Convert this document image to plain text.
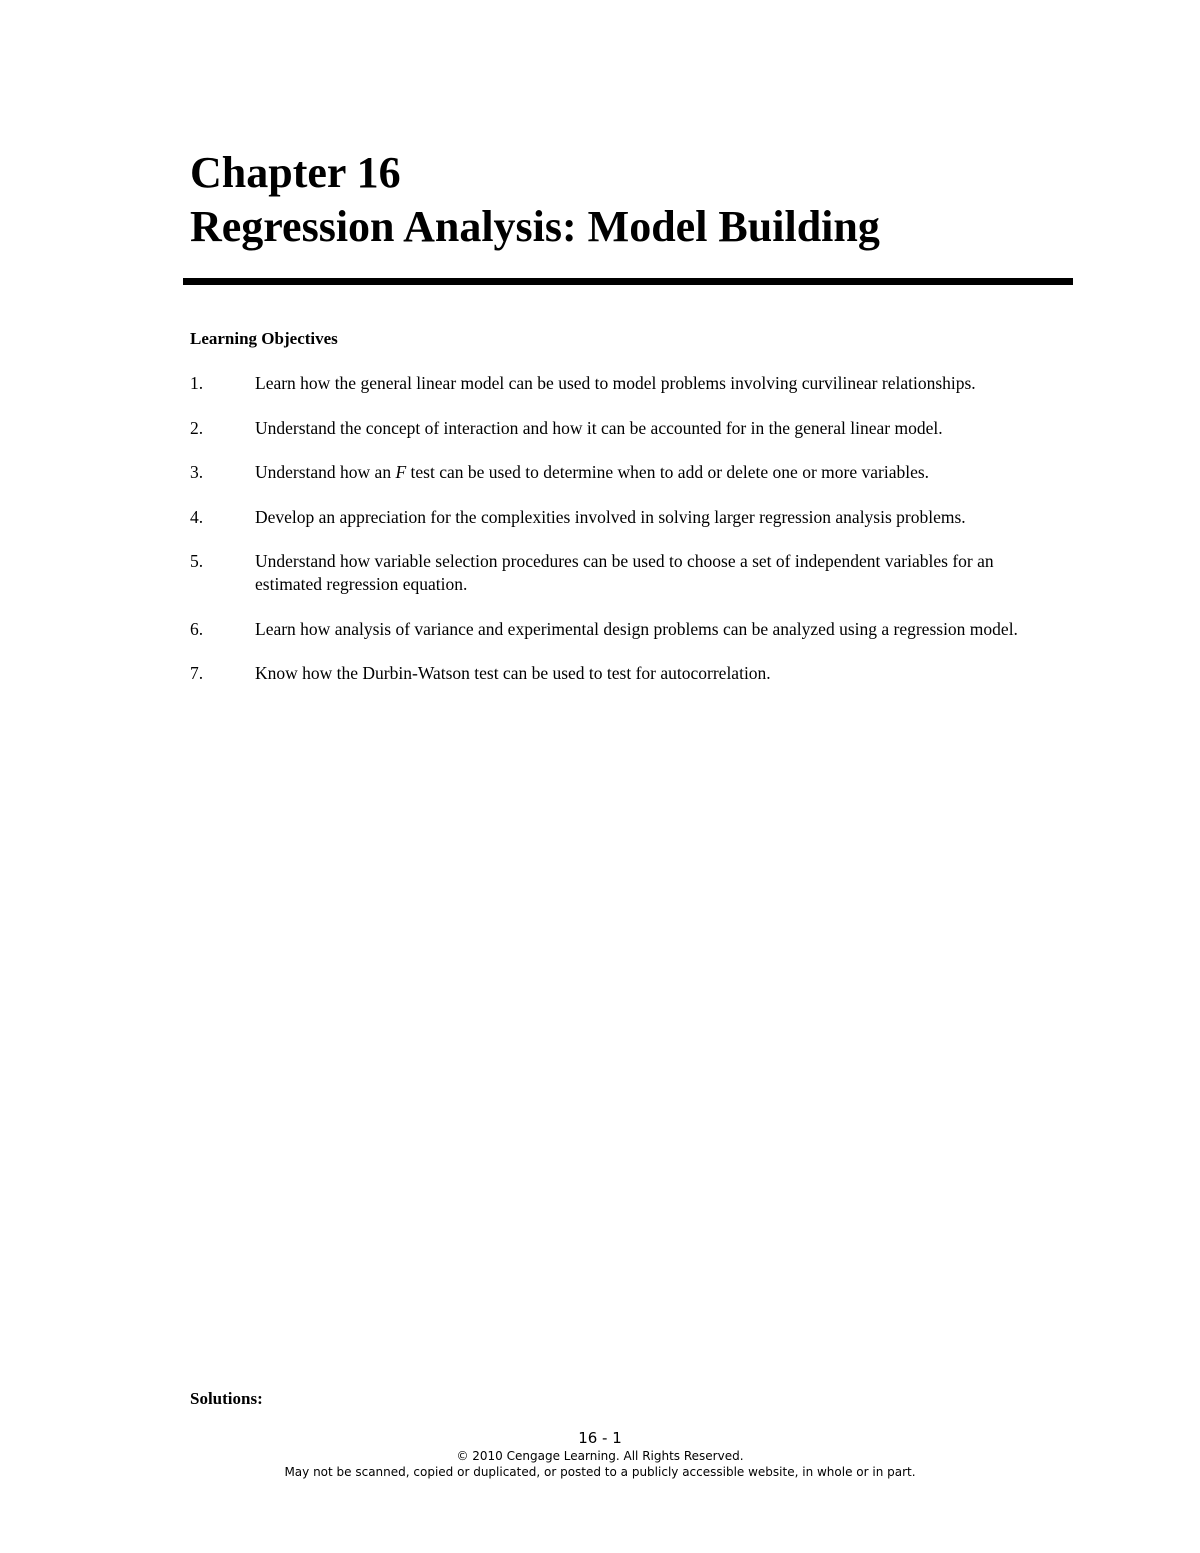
Chapter 16
Regression Analysis: Model Building
Learning Objectives
1.	Learn how the general linear model can be used to model problems involving curvilinear relationships.
2.	Understand the concept of interaction and how it can be accounted for in the general linear model.
3.	Understand how an F test can be used to determine when to add or delete one or more variables.
4.	Develop an appreciation for the complexities involved in solving larger regression analysis problems.
5.	Understand how variable selection procedures can be used to choose a set of independent variables for an estimated regression equation.
6.	Learn how analysis of variance and experimental design problems can be analyzed using a regression model.
7.	Know how the Durbin-Watson test can be used to test for autocorrelation.
Solutions:
16 - 1
© 2010 Cengage Learning. All Rights Reserved.
May not be scanned, copied or duplicated, or posted to a publicly accessible website, in whole or in part.
